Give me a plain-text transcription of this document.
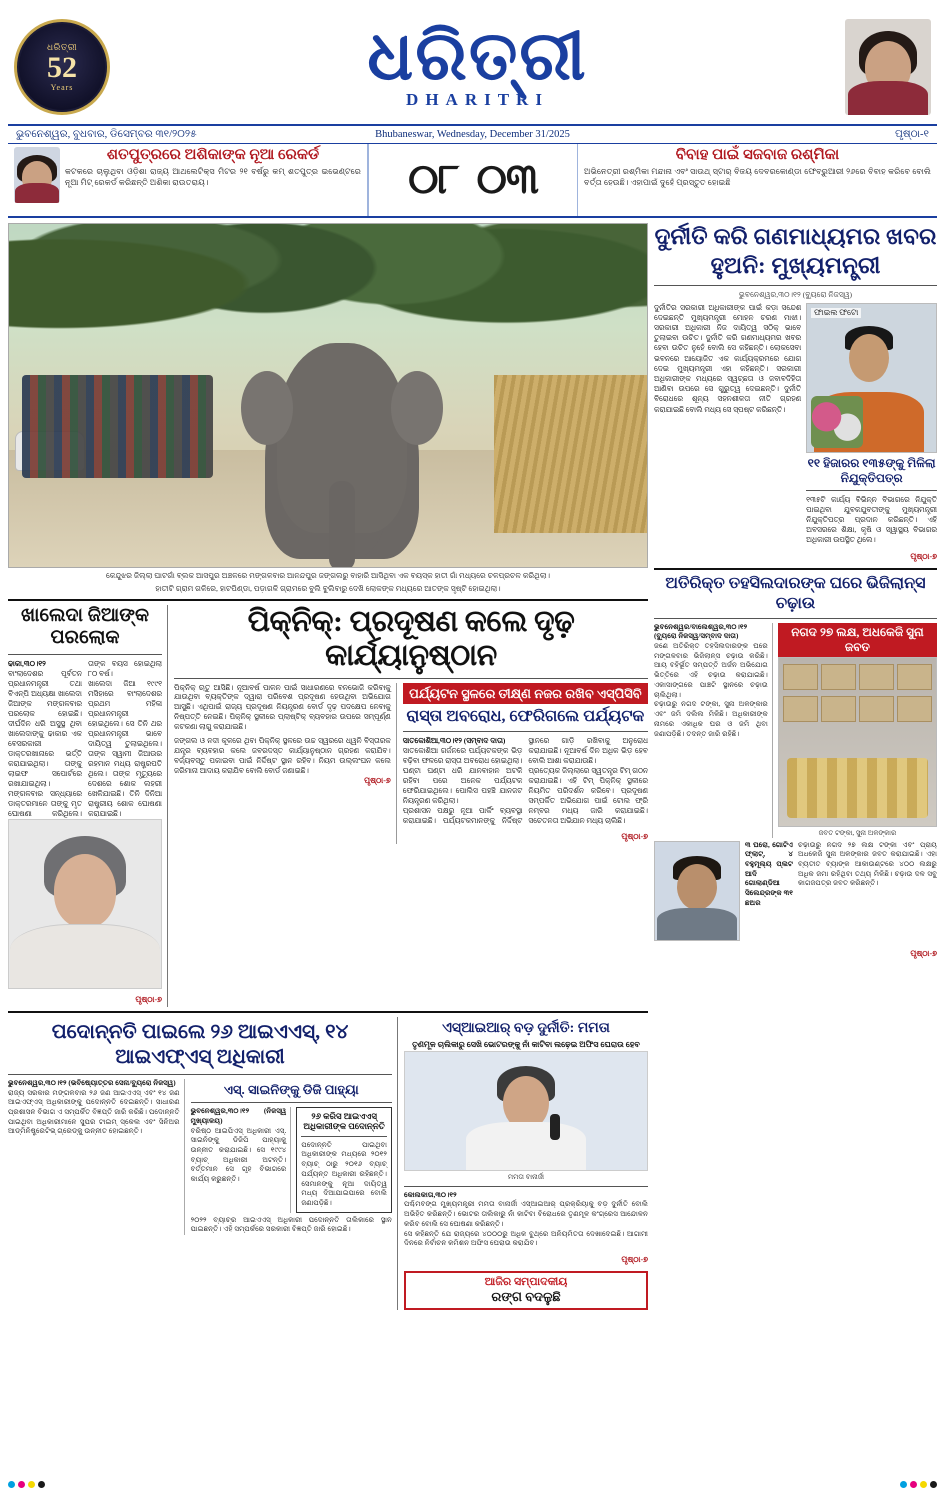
ଧରିତ୍ରୀ
52
Years	ଧରିତ୍ରୀ
DHARITRI
ଭୁବନେଶ୍ୱର, ବୁଧବାର, ଡିସେମ୍ବର ୩୧/୨୦୨୫	Bhubaneswar, Wednesday, December 31/2025	ପୃଷ୍ଠା-୧
ଶତପୁତ୍ରରେ ଅଶିକାଙ୍କ ନୂଆ ରେକର୍ଡ
କଟକରେ ଚାଲୁଥିବା ଓଡ଼ିଶା ରାଜ୍ୟ ଆଥଲେଟିକ୍ସ ମିଟର ୨୧ ବର୍ଷରୁ କମ୍ ଶତପୁତ୍ର ଇଭେଣ୍ଟରେ ନୂଆ ମିଟ୍ ରେକର୍ଡ କରିଛନ୍ତି ଅଶିକା ରାଉତରାୟ।	୦୮ ୦୩
ବିବାହ ପାଇଁ ସଜବାଜ ରଶ୍ମିକା
ଅଭିନେତ୍ରୀ ରଶ୍ମିକା ମନ୍ଦାନା ଏବଂ ସାଉଥ୍ ସ୍ଟାର୍ ବିଜୟ ଦେବରକୋଣ୍ଡା ଫେବ୍ରୁଆରୀ ୨୬ରେ ବିବାହ କରିବେ ବୋଲି ବର୍ତ୍ତା ହେଉଛି। ଏହାପାଇଁ ଦୁହେଁ ପ୍ରସ୍ତୁତ ହୋଇଛି
କେନ୍ଦୁଝର ଜିଲ୍ଲା ଘାଟଗାଁ ବ୍ଲକ ଆସପୁର ଅଞ୍ଚଳରେ ମଙ୍ଗଳବାର ଆନନ୍ଦପୁର ଜଙ୍ଗଲରୁ ବାହାରି ଆସିଥିବା ଏକ ବୟସ୍କ ହାତୀ ଗାଁ ମଧ୍ୟରେ ଚଳପ୍ରଚଳ କରିଥିଲା।
ହାତୀଟି ଗ୍ରାମ ଗଳିରେ, ହାଟପିଣ୍ଡା, ପଡ଼ାଗଳି ଗ୍ରାମରେ ବୁଲି ବୁଲିବାରୁ ଦେଖି ଲୋକଙ୍କ ମଧ୍ୟରେ ଆତଙ୍କ ସୃଷ୍ଟି ହୋଇଥିଲା।
ଖାଲେଦା ଜିଆଙ୍କ ପରଲୋକ
ଢାକା,୩୦।୧୨
ବାଂଲାଦେଶର ପୂର୍ବତନ ପ୍ରଧାନମନ୍ତ୍ରୀ ତଥା ବିଏନ୍‌ପି ଅଧ୍ୟକ୍ଷା ଖାଲେଦା ଜିଆଙ୍କ ମଙ୍ଗଳବାର ପରଲୋକ ହୋଇଛି। ଦୀର୍ଘଦିନ ଧରି ଅସୁସ୍ଥ ଥିବା ଖାଲେଦାଙ୍କୁ ଢାକାର ଏକ ବେସରକାରୀ ଡାକ୍ତରଖାନାରେ ଭର୍ତ୍ତି କରାଯାଇଥିଲା। ତାଙ୍କୁ ଲାଇଫ ସପୋର୍ଟରେ ରଖାଯାଇଥିଲା। ମଙ୍ଗଳବାର ସନ୍ଧ୍ୟାରେ ଡାକ୍ତରମାନେ ତାଙ୍କୁ ମୃତ ଘୋଷଣା କରିଥିଲେ। ତାଙ୍କ ବୟସ ହୋଇଥିଲା ୮୦ ବର୍ଷ।
ଖାଲେଦା ଜିଆ ୧୯୯୧ ମସିହାରେ ବାଂଲାଦେଶର ପ୍ରଥମ ମହିଳା ପ୍ରଧାନମନ୍ତ୍ରୀ ହୋଇଥିଲେ। ସେ ତିନି ଥର ପ୍ରଧାନମନ୍ତ୍ରୀ ଭାବେ ଦାୟିତ୍ୱ ତୁଲାଇଥିଲେ। ତାଙ୍କ ସ୍ୱାମୀ ଜିଆଉର ରହମାନ ମଧ୍ୟ ରାଷ୍ଟ୍ରପତି ଥିଲେ। ତାଙ୍କ ମୃତ୍ୟୁରେ ଦେଶରେ ଶୋକ ଲହରୀ ଖେଳିଯାଇଛି। ତିନି ଦିନିଆ ରାଷ୍ଟ୍ରୀୟ ଶୋକ ଘୋଷଣା କରାଯାଇଛି।
ପୃଷ୍ଠା-୭
ପିକ୍‌ନିକ୍‌: ପ୍ରଦୂଷଣ କଲେ ଦୃଢ଼ କାର୍ଯ୍ୟାନୁଷ୍ଠାନ
ପିକ୍‌ନିକ୍ ଋତୁ ଆସିଛି। ନୂଆବର୍ଷ ପାଳନ ପାଇଁ ସାଧାରଣରେ ବନଭୋଜି କରିବାକୁ ଯାଉଥିବା ବ୍ୟକ୍ତିଙ୍କ ଦ୍ୱାରା ପରିବେଶ ପ୍ରଦୂଷଣ ହେଉଥିବା ଅଭିଯୋଗ ଆସୁଛି। ଏଥିପାଇଁ ରାଜ୍ୟ ପ୍ରଦୂଷଣ ନିୟନ୍ତ୍ରଣ ବୋର୍ଡ ଦୃଢ଼ ପଦକ୍ଷେପ ନେବାକୁ ନିଷ୍ପତ୍ତି ନେଇଛି। ପିକ୍‌ନିକ୍ ସ୍ଥଳୀରେ ପ୍ଲାଷ୍ଟିକ୍ ବ୍ୟବହାର ଉପରେ ସମ୍ପୂର୍ଣ୍ଣ କଟକଣା ଲାଗୁ କରାଯାଇଛି।
ଜଙ୍ଗଲ ଓ ନଦୀ କୂଳରେ ଥିବା ପିକ୍‌ନିକ୍ ସ୍ଥଳରେ ଉଚ୍ଚ ସ୍ୱରରେ ଧ୍ୱନି ବିସ୍ତାରକ ଯନ୍ତ୍ର ବ୍ୟବହାର କଲେ ଜବରଦସ୍ତ କାର୍ଯ୍ୟାନୁଷ୍ଠାନ ଗ୍ରହଣ କରାଯିବ। ବର୍ଜ୍ୟବସ୍ତୁ ପକାଇବା ପାଇଁ ନିର୍ଦ୍ଦିଷ୍ଟ ସ୍ଥାନ ରହିବ। ନିୟମ ଉଲ୍ଲଂଘନ କଲେ ଜରିମାନା ଆଦାୟ କରାଯିବ ବୋଲି ବୋର୍ଡ ଜଣାଇଛି।
ପୃଷ୍ଠା-୭
ପର୍ଯ୍ୟଟନ ସ୍ଥଳରେ ତୀକ୍ଷ୍ଣ ନଜର ରଖିବ ଏସ୍‌ପିସିବି
ରାସ୍ତା ଅବରୋଧ, ଫେରିଗଲେ ପର୍ଯ୍ୟଟକ
ସାତକୋଶିଆ,୩୦।୧୨ (ସମ୍ବାଦ ଦାତା)
ସାତକୋଶିଆ ଗର୍ଜନରେ ପର୍ଯ୍ୟଟକଙ୍କ ଭିଡ଼ ବଢ଼ିବା ଫଳରେ ରାସ୍ତା ଅବରୋଧ ହୋଇଥିଲା। ଘଣ୍ଟା ଘଣ୍ଟା ଧରି ଯାନବାହାନ ଅଟକି ରହିବା ପରେ ଅନେକ ପର୍ଯ୍ୟଟକ ଫେରିଯାଇଥିଲେ। ପୋଲିସ ପହଞ୍ଚି ଯାନଜଟ ନିୟନ୍ତ୍ରଣ କରିଥିଲା।
ପ୍ରଶାସନ ପକ୍ଷରୁ ନୂଆ ପାର୍କିଂ ବ୍ୟବସ୍ଥା କରାଯାଇଛି। ପର୍ଯ୍ୟଟକମାନଙ୍କୁ ନିର୍ଦ୍ଦିଷ୍ଟ ସ୍ଥାନରେ ଗାଡ଼ି ରଖିବାକୁ ଅନୁରୋଧ କରାଯାଇଛି। ନୂଆବର୍ଷ ଦିନ ଅଧିକ ଭିଡ଼ ହେବ ବୋଲି ଆଶା କରାଯାଉଛି।
ପ୍ରତ୍ୟେକ ଜିଲ୍ଲାରେ ସ୍ୱତନ୍ତ୍ର ଟିମ୍ ଗଠନ କରାଯାଇଛି। ଏହି ଟିମ୍ ପିକ୍‌ନିକ୍ ସ୍ଥଳୀରେ ନିୟମିତ ପରିଦର୍ଶନ କରିବେ। ପ୍ରଦୂଷଣ ସମ୍ପର୍କିତ ଅଭିଯୋଗ ପାଇଁ ଟୋଲ ଫ୍ରି ନମ୍ବର ମଧ୍ୟ ଜାରି କରାଯାଇଛି। ସଚେତନତା ଅଭିଯାନ ମଧ୍ୟ ଚାଲିଛି।
ପୃଷ୍ଠା-୭
ପଦୋନ୍ନତି ପାଇଲେ ୨୬ ଆଇଏଏସ୍, ୧୪ ଆଇଏଫ୍‌ଏସ୍ ଅଧିକାରୀ
ଭୁବନେଶ୍ୱର,୩୦।୧୨ (ଭବିଷ୍ୟୋତ୍ତର ସେନା/ବ୍ୟୁରୋ ନିଜସ୍ୱ)
ରାଜ୍ୟ ସରକାର ମଙ୍ଗଳବାର ୨୬ ଜଣ ଆଇଏଏସ୍ ଏବଂ ୧୪ ଜଣ ଆଇଏଫ୍‌ଏସ୍ ଅଧିକାରୀଙ୍କୁ ପଦୋନ୍ନତି ଦେଇଛନ୍ତି। ସାଧାରଣ ପ୍ରଶାସନ ବିଭାଗ ଏ ସମ୍ପର୍କିତ ବିଜ୍ଞପ୍ତି ଜାରି କରିଛି। ପଦୋନ୍ନତି ପାଇଥିବା ଅଧିକାରୀମାନେ ସୁପର ଟାଇମ୍ ସ୍କେଲ ଏବଂ ସିନିଅର ଆଡ୍‌ମିନିଷ୍ଟ୍ରେଟିଭ୍ ଗ୍ରେଡ୍‌କୁ ଉନ୍ନୀତ ହୋଇଛନ୍ତି।
ଏସ୍. ସାଇନିଙ୍କୁ ଡିଜି ପାହ୍ୟା
ଭୁବନେଶ୍ୱର,୩୦।୧୨ (ନିଜସ୍ୱ ମୁଖ୍ୟାଳୟ)
ବରିଷ୍ଠ ଆଇପିଏସ୍ ଅଧିକାରୀ ଏସ୍. ସାଇନିଙ୍କୁ ଡିଜିପି ପାହ୍ୟାକୁ ଉନ୍ନୀତ କରାଯାଇଛି। ସେ ୧୯୯୪ ବ୍ୟାଚ୍ ଅଧିକାରୀ ଅଟନ୍ତି। ବର୍ତ୍ତମାନ ସେ ଗୃହ ବିଭାଗରେ କାର୍ଯ୍ୟ କରୁଛନ୍ତି।
୨୬ କରିସ ଆଇଏଏସ୍ ଅଧିକାରୀଙ୍କ ପଦୋନ୍ନତି
ପଦୋନ୍ନତି ପାଇଥିବା ଅଧିକାରୀଙ୍କ ମଧ୍ୟରେ ୨୦୧୨ ବ୍ୟାଚ୍ ଠାରୁ ୨୦୧୬ ବ୍ୟାଚ୍ ପର୍ଯ୍ୟନ୍ତ ଅଧିକାରୀ ରହିଛନ୍ତି। ସେମାନଙ୍କୁ ନୂଆ ଦାୟିତ୍ୱ ମଧ୍ୟ ଦିଆଯାଇପାରେ ବୋଲି ଜଣାପଡ଼ିଛି।
୨୦୨୨ ବ୍ୟାଚ୍‌ର ଆଇଏଏସ୍ ଅଧିକାରୀ ପଦୋନ୍ନତି ତାଲିକାରେ ସ୍ଥାନ ପାଇଛନ୍ତି। ଏହି ସମ୍ପର୍କରେ ସରକାରୀ ବିଜ୍ଞପ୍ତି ଜାରି ହୋଇଛି।
ଏସ୍‌ଆଇଆର୍ ବଡ଼ ଦୁର୍ନୀତି: ମମତା
ତୃଣମୂଳ ଚାଲିକାରୁ ସେଖି ଭୋଟରଙ୍କୁ ନାଁ କାଟିବା ଲଢ଼େଇ ଅଫିସ ଘେରାଉ ହେବ
ମମତା ବାନାର୍ଜୀ
କୋଲକାତା,୩୦।୧୨
ପଶ୍ଚିମବଙ୍ଗ ମୁଖ୍ୟମନ୍ତ୍ରୀ ମମତା ବାନାର୍ଜୀ ଏସ୍‌ଆଇଆର୍ ପ୍ରକ୍ରିୟାକୁ ବଡ଼ ଦୁର୍ନୀତି ବୋଲି ଅଭିହିତ କରିଛନ୍ତି। ଭୋଟର ତାଲିକାରୁ ନାଁ କାଟିବା ବିରୋଧରେ ତୃଣମୂଳ କଂଗ୍ରେସ ଆନ୍ଦୋଳନ କରିବ ବୋଲି ସେ ଘୋଷଣା କରିଛନ୍ତି।
ସେ କହିଛନ୍ତି ଯେ ରାଜ୍ୟରେ ୪୦୦୦ରୁ ଅଧିକ ବୁଥ୍‌ରେ ଅନିୟମିତତା ଦେଖାଦେଇଛି। ଆଗାମୀ ଦିନରେ ନିର୍ବାଚନ କମିଶନ ଅଫିସ ଘେରାଉ କରାଯିବ।
ପୃଷ୍ଠା-୭
ଆଜିର ସମ୍ପାଦକୀୟ
ରଙ୍ଗ ବଦଳୁଛି
ଦୁର୍ନୀତି କରି ଗଣମାଧ୍ୟମର ଖବର ହୁଅନି: ମୁଖ୍ୟମନ୍ତ୍ରୀ
ଭୁବନେଶ୍ୱର,୩୦।୧୨ (ବ୍ୟୁରୋ ନିଜସ୍ୱ)
ଦୁର୍ନୀତିର ସରକାରୀ ଅଧିକାରୀଙ୍କ ପାଇଁ କଡ଼ା ସନ୍ଦେଶ ଦେଇଛନ୍ତି ମୁଖ୍ୟମନ୍ତ୍ରୀ ମୋହନ ଚରଣ ମାଝୀ। ସରକାରୀ ଅଧିକାରୀ ନିଜ ଦାୟିତ୍ୱ ସଠିକ୍ ଭାବେ ତୁଲାଇବା ଉଚିତ। ଦୁର୍ନୀତି କରି ଗଣମାଧ୍ୟମର ଖବର ହେବା ଉଚିତ ନୁହେଁ ବୋଲି ସେ କହିଛନ୍ତି। ଲୋକସେବା ଭବନରେ ଆୟୋଜିତ ଏକ କାର୍ଯ୍ୟକ୍ରମରେ ଯୋଗ ଦେଇ ମୁଖ୍ୟମନ୍ତ୍ରୀ ଏହା କହିଛନ୍ତି। ସରକାରୀ ଅଧିକାରୀଙ୍କ ମଧ୍ୟରେ ସ୍ୱଚ୍ଛତା ଓ ଜବାବଦିହିତା ଆଣିବା ଉପରେ ସେ ଗୁରୁତ୍ୱ ଦେଇଛନ୍ତି। ଦୁର୍ନୀତି ବିରୋଧରେ ଶୂନ୍ୟ ସହନଶୀଳତା ନୀତି ଗ୍ରହଣ କରାଯାଇଛି ବୋଲି ମଧ୍ୟ ସେ ସ୍ପଷ୍ଟ କରିଛନ୍ତି।
ଫାଇଲ ଫଟୋ
୧୧ ହିଜାରର ୧୩୫ଙ୍କୁ ମିଳିଲା ନିଯୁକ୍ତିପତ୍ର
୧୩୫ଟି କାର୍ଯ୍ୟ ବିଭିନ୍ନ ବିଭାଗରେ ନିଯୁକ୍ତି ପାଇଥିବା ଯୁବକଯୁବତୀଙ୍କୁ ମୁଖ୍ୟମନ୍ତ୍ରୀ ନିଯୁକ୍ତିପତ୍ର ପ୍ରଦାନ କରିଛନ୍ତି। ଏହି ଅବସରରେ ଶିକ୍ଷା, କୃଷି ଓ ସ୍ୱାସ୍ଥ୍ୟ ବିଭାଗର ଅଧିକାରୀ ଉପସ୍ଥିତ ଥିଲେ।
ପୃଷ୍ଠା-୭
ଅତିରିକ୍ତ ତହସିଲଦାରଙ୍କ ଘରେ ଭିଜିଲାନ୍ସ ଚଢ଼ାଉ
ଭୁବନେଶ୍ୱର/ବାଲେଶ୍ୱର,୩୦।୧୨ (ବ୍ୟୁରୋ ନିଜସ୍ୱ/ସମ୍ବାଦ ଦାତା)
ଜଣେ ଅତିରିକ୍ତ ତହସିଲଦାରଙ୍କ ଘରେ ମଙ୍ଗଳବାର ଭିଜିଲାନ୍ସ ଚଢ଼ାଉ କରିଛି। ଆୟ ବହିର୍ଭୂତ ସମ୍ପତ୍ତି ଅର୍ଜନ ଅଭିଯୋଗ ଭିତ୍ତିରେ ଏହି ଚଢ଼ାଉ କରାଯାଇଛି। ଏକାସାଙ୍ଗରେ ପାଞ୍ଚଟି ସ୍ଥାନରେ ଚଢ଼ାଉ ଚାଲିଥିଲା।
ଚଢ଼ାଉରୁ ନଗଦ ଟଙ୍କା, ସୁନା ଅଳଙ୍କାର ଏବଂ ଜମି ଦଲିଲ ମିଳିଛି। ଅଧିକାରୀଙ୍କ ନାମରେ ଏକାଧିକ ଘର ଓ ଜମି ଥିବା ଜଣାପଡ଼ିଛି। ତଦନ୍ତ ଜାରି ରହିଛି।
ନଗଦ ୨୭ ଲକ୍ଷ, ଅଧକେଜି ସୁନା ଜବତ
ଜବତ ଟଙ୍କା, ସୁନା ଅଳଙ୍କାର
୩ ଘରୋ, ଗୋଟିଏ ଫ୍ଲାଟ୍, ୪ ବହୁମୂଲ୍ୟ ପ୍ଲଟ ଆଦି ଗୋଲାଣ୍ଡିଆ ସିଲେନ୍ଦ୍ରଙ୍କ ୩୧ ଛଅର
ଚଢ଼ାଉରୁ ନଗଦ ୨୭ ଲକ୍ଷ ଟଙ୍କା ଏବଂ ପ୍ରାୟ ଅଧକେଜି ସୁନା ଅଳଙ୍କାର ଜବତ କରାଯାଇଛି। ଏହା ବ୍ୟତୀତ ବ୍ୟାଙ୍କ ଆକାଉଣ୍ଟରେ ୪୦୦ ଲକ୍ଷରୁ ଅଧିକ ଜମା ରହିଥିବା ତଥ୍ୟ ମିଳିଛି। ଚଢ଼ାଉ ଦଳ ସବୁ କାଗଜପତ୍ର ଜବତ କରିଛନ୍ତି।
ପୃଷ୍ଠା-୭
